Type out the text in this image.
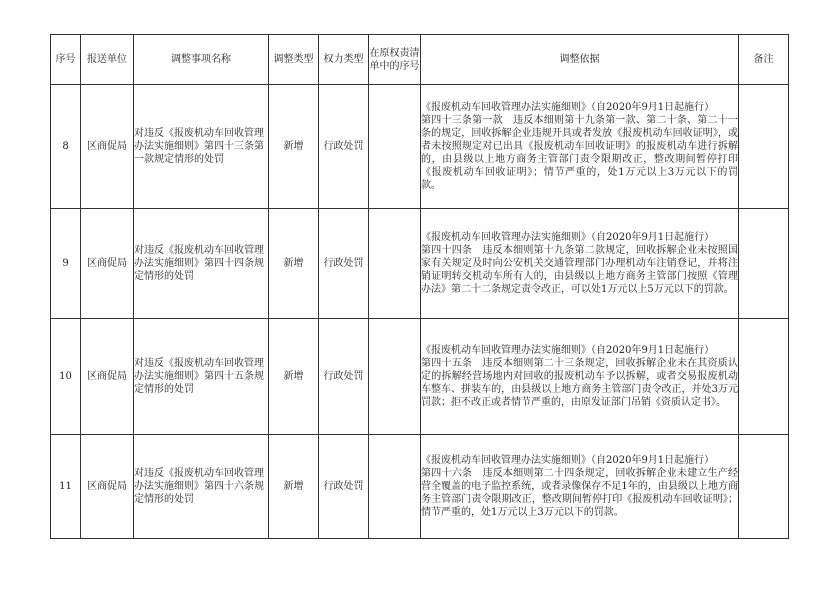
序号	报送单位	调整事项名称	调整类型	权力类型	在原权责清单中的序号	调整依据	备注
8	区商促局	对违反《报废机动车回收管理办法实施细则》第四十三条第一款规定情形的处罚	新增	行政处罚		《报废机动车回收管理办法实施细则》（自2020年9月1日起施行）
第四十三条第一款　违反本细则第十九条第一款、第二十条、第二十一条的规定，回收拆解企业违规开具或者发放《报废机动车回收证明》，或者未按照规定对已出具《报废机动车回收证明》的报废机动车进行拆解的，由县级以上地方商务主管部门责令限期改正，整改期间暂停打印《报废机动车回收证明》；情节严重的，处1万元以上3万元以下的罚款。	
9	区商促局	对违反《报废机动车回收管理办法实施细则》第四十四条规定情形的处罚	新增	行政处罚		《报废机动车回收管理办法实施细则》（自2020年9月1日起施行）
第四十四条　违反本细则第十九条第二款规定，回收拆解企业未按照国家有关规定及时向公安机关交通管理部门办理机动车注销登记，并将注销证明转交机动车所有人的，由县级以上地方商务主管部门按照《管理办法》第二十二条规定责令改正，可以处1万元以上5万元以下的罚款。	
10	区商促局	对违反《报废机动车回收管理办法实施细则》第四十五条规定情形的处罚	新增	行政处罚		《报废机动车回收管理办法实施细则》（自2020年9月1日起施行）
第四十五条　违反本细则第二十三条规定，回收拆解企业未在其资质认定的拆解经营场地内对回收的报废机动车予以拆解，或者交易报废机动车整车、拼装车的，由县级以上地方商务主管部门责令改正，并处3万元罚款；拒不改正或者情节严重的，由原发证部门吊销《资质认定书》。	
11	区商促局	对违反《报废机动车回收管理办法实施细则》第四十六条规定情形的处罚	新增	行政处罚		《报废机动车回收管理办法实施细则》（自2020年9月1日起施行）
第四十六条　违反本细则第二十四条规定，回收拆解企业未建立生产经营全覆盖的电子监控系统，或者录像保存不足1年的，由县级以上地方商务主管部门责令限期改正，整改期间暂停打印《报废机动车回收证明》；情节严重的，处1万元以上3万元以下的罚款。	
